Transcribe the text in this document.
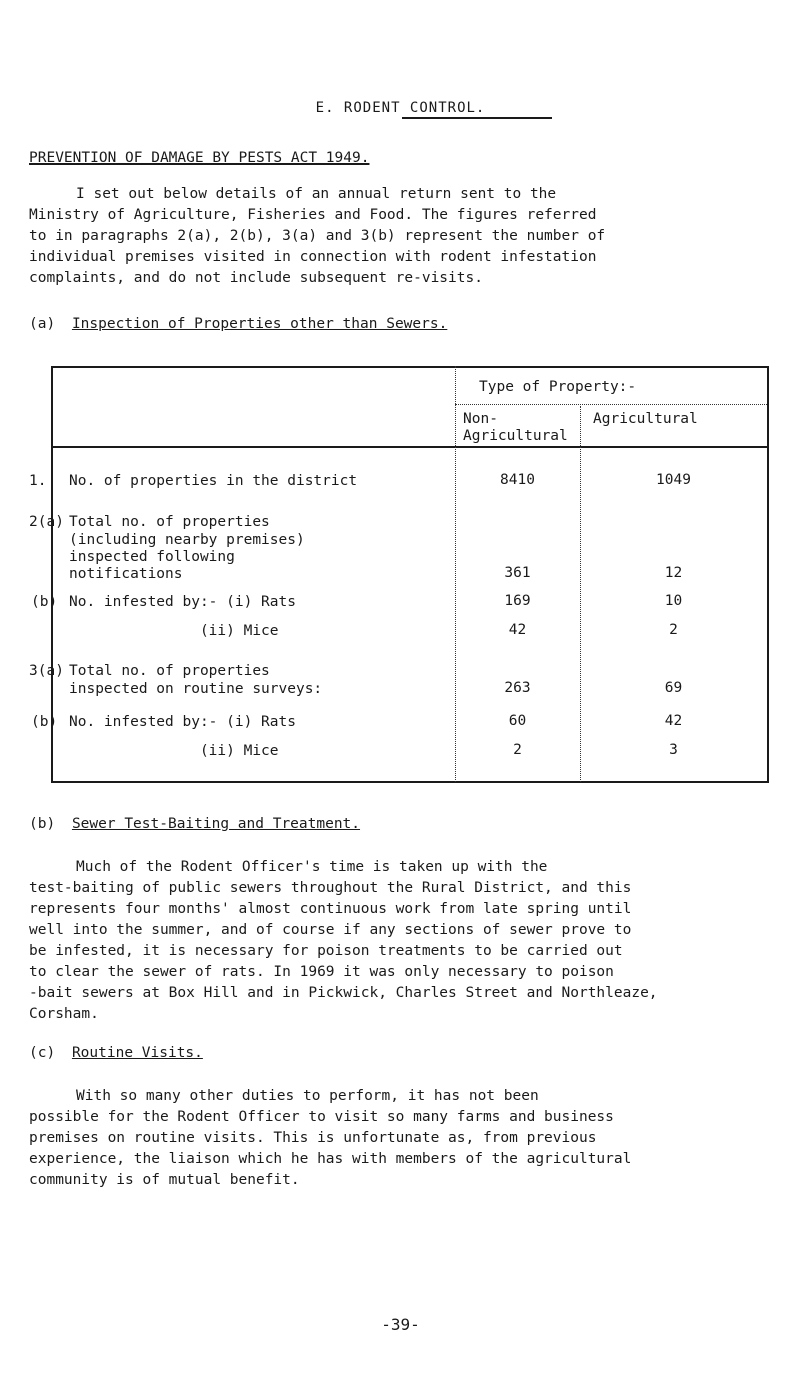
E. RODENT CONTROL.
PREVENTION OF DAMAGE BY PESTS ACT 1949.
I set out below details of an annual return sent to the
Ministry of Agriculture, Fisheries and Food. The figures referred
to in paragraphs 2(a), 2(b), 3(a) and 3(b) represent the number of
individual premises visited in connection with rodent infestation
complaints, and do not include subsequent re-visits.
(a) Inspection of Properties other than Sewers.
Type of Property:-
Non-
Agricultural
Agricultural
1. No. of properties in the district	8410	1049
2(a) Total no. of properties
(including nearby premises)
inspected following
notifications	361	12
(b) No. infested by:- (i) Rats	169	10
(ii) Mice	42	2
3(a) Total no. of properties
inspected on routine surveys:	263	69
(b) No. infested by:- (i) Rats	60	42
(ii) Mice	2	3
(b) Sewer Test-Baiting and Treatment.
Much of the Rodent Officer's time is taken up with the
test-baiting of public sewers throughout the Rural District, and this
represents four months' almost continuous work from late spring until
well into the summer, and of course if any sections of sewer prove to
be infested, it is necessary for poison treatments to be carried out
to clear the sewer of rats. In 1969 it was only necessary to poison
-bait sewers at Box Hill and in Pickwick, Charles Street and Northleaze,
Corsham.
(c) Routine Visits.
With so many other duties to perform, it has not been
possible for the Rodent Officer to visit so many farms and business
premises on routine visits. This is unfortunate as, from previous
experience, the liaison which he has with members of the agricultural
community is of mutual benefit.
-39-
